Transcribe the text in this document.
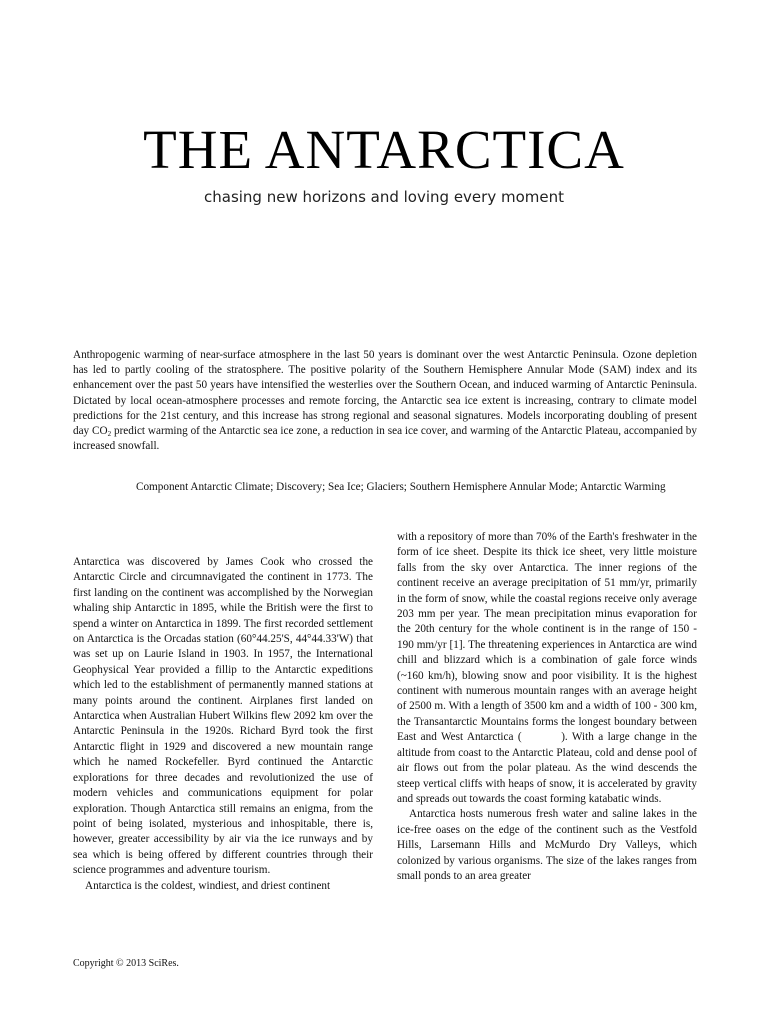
THE ANTARCTICA
chasing new horizons and loving every moment
Anthropogenic warming of near-surface atmosphere in the last 50 years is dominant over the west Antarctic Peninsula. Ozone depletion has led to partly cooling of the stratosphere. The positive polarity of the Southern Hemisphere Annular Mode (SAM) index and its enhancement over the past 50 years have intensified the westerlies over the Southern Ocean, and induced warming of Antarctic Peninsula. Dictated by local ocean-atmosphere processes and remote forcing, the Antarctic sea ice extent is increasing, contrary to climate model predictions for the 21st century, and this increase has strong regional and seasonal signatures. Models incorporating doubling of present day $CO_2$ predict warming of the Antarctic sea ice zone, a reduction in sea ice cover, and warming of the Antarctic Plateau, accompanied by increased snowfall.
Component Antarctic Climate; Discovery; Sea Ice; Glaciers; Southern Hemisphere Annular Mode; Antarctic Warming

Antarctica was discovered by James Cook who crossed the Antarctic Circle and circumnavigated the continent in 1773. The first landing on the continent was accomplished by the Norwegian whaling ship Antarctic in 1895, while the British were the first to spend a winter on Antarctica in 1899. The first recorded settlement on Antarctica is the Orcadas station (60°44.25'S, 44°44.33'W) that was set up on Laurie Island in 1903. In 1957, the International Geophysical Year provided a fillip to the Antarctic expeditions which led to the establishment of permanently manned stations at many points around the continent. Airplanes first landed on Antarctica when Australian Hubert Wilkins flew 2092 km over the Antarctic Peninsula in the 1920s. Richard Byrd took the first Antarctic flight in 1929 and discovered a new mountain range which he named Rockefeller. Byrd continued the Antarctic explorations for three decades and revolutionized the use of modern vehicles and communications equipment for polar exploration. Though Antarctica still remains an enigma, from the point of being isolated, mysterious and inhospitable, there is, however, greater accessibility by air via the ice runways and by sea which is being offered by different countries through their science programmes and adventure tourism.

Antarctica is the coldest, windiest, and driest continent

with a repository of more than 70% of the Earth's freshwater in the form of ice sheet. Despite its thick ice sheet, very little moisture falls from the sky over Antarctica. The inner regions of the continent receive an average precipitation of 51 mm/yr, primarily in the form of snow, while the coastal regions receive only average 203 mm per year. The mean precipitation minus evaporation for the 20th century for the whole continent is in the range of 150 - 190 mm/yr [1]. The threatening experiences in Antarctica are wind chill and blizzard which is a combination of gale force winds (~160 km/h), blowing snow and poor visibility. It is the highest continent with numerous mountain ranges with an average height of 2500 m. With a length of 3500 km and a width of 100 - 300 km, the Transantarctic Mountains forms the longest boundary between East and West Antarctica (         ). With a large change in the altitude from coast to the Antarctic Plateau, cold and dense pool of air flows out from the polar plateau. As the wind descends the steep vertical cliffs with heaps of snow, it is accelerated by gravity and spreads out towards the coast forming katabatic winds.

Antarctica hosts numerous fresh water and saline lakes in the ice-free oases on the edge of the continent such as the Vestfold Hills, Larsemann Hills and McMurdo Dry Valleys, which colonized by various organisms. The size of the lakes ranges from small ponds to an area greater

Copyright © 2013 SciRes.
